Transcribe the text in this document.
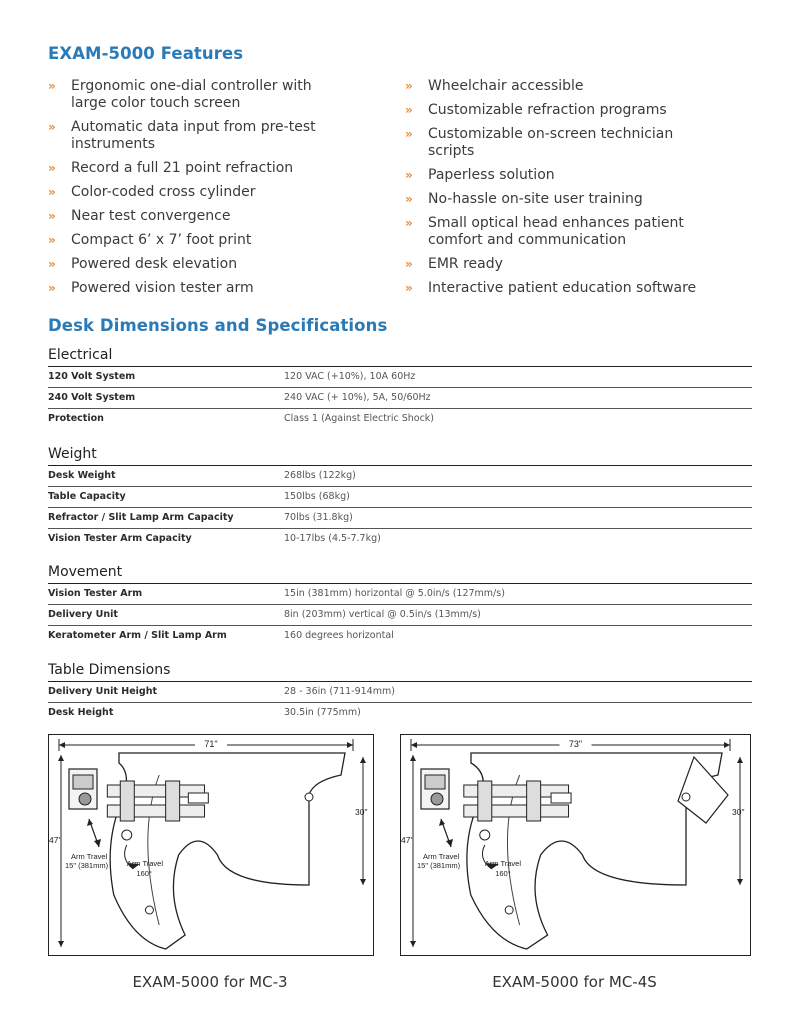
EXAM-5000 Features
» Ergonomic one-dial controller with
large color touch screen
» Automatic data input from pre-test
instruments
» Record a full 21 point refraction
» Color-coded cross cylinder
» Near test convergence
» Compact 6’ x 7’ foot print
» Powered desk elevation
» Powered vision tester arm
» Wheelchair accessible
» Customizable refraction programs
» Customizable on-screen technician
scripts
» Paperless solution
» No-hassle on-site user training
» Small optical head enhances patient
comfort and communication
» EMR ready
» Interactive patient education software
Desk Dimensions and Specifications
Electrical
120 Volt System	120 VAC (+10%), 10A 60Hz
240 Volt System	240 VAC (+ 10%), 5A, 50/60Hz
Protection	Class 1 (Against Electric Shock)
Weight
Desk Weight	268lbs (122kg)
Table Capacity	150lbs (68kg)
Refractor / Slit Lamp Arm Capacity	70lbs (31.8kg)
Vision Tester Arm Capacity	10-17lbs (4.5-7.7kg)
Movement
Vision Tester Arm	15in (381mm) horizontal @ 5.0in/s (127mm/s)
Delivery Unit	8in (203mm) vertical @ 0.5in/s (13mm/s)
Keratometer Arm / Slit Lamp Arm	160 degrees horizontal
Table Dimensions
Delivery Unit Height	28 - 36in (711-914mm)
Desk Height	30.5in (775mm)
71"
47"
30"
Arm Travel
15" (381mm) Arm Travel
160°
73"
47"
30"
Arm Travel
15" (381mm)	Arm Travel
160°
EXAM-5000 for MC-3	EXAM-5000 for MC-4S
